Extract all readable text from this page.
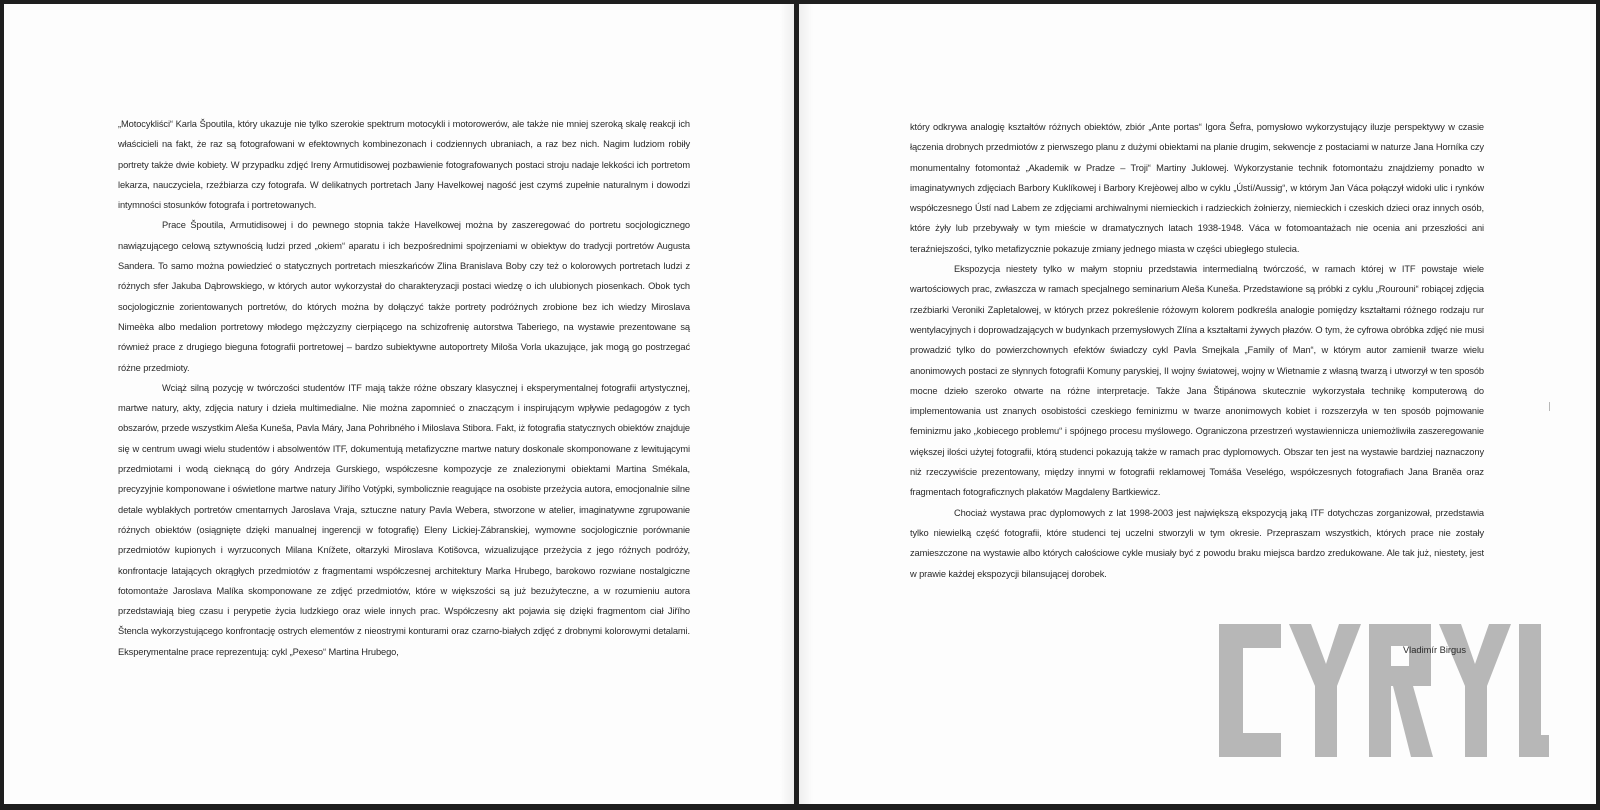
„Motocykliści“ Karla Špoutila, który ukazuje nie tylko szerokie spektrum motocykli i motorowerów, ale także nie mniej szeroką skalę reakcji ich właścicieli na fakt, że raz są fotografowani w efektownych kombinezonach i codziennych ubraniach, a raz bez nich. Nagim ludziom robiły portrety także dwie kobiety. W przypadku zdjęć Ireny Armutidisowej pozbawienie fotografowanych postaci stroju nadaje lekkości ich portretom lekarza, nauczyciela, rzeźbiarza czy fotografa. W delikatnych portretach Jany Havelkowej nagość jest czymś zupełnie naturalnym i dowodzi intymności stosunków fotografa i portretowanych.

Prace Špoutila, Armutidisowej i do pewnego stopnia także Havelkowej można by zaszeregować do portretu socjologicznego nawiązującego celową sztywnością ludzi przed „okiem“ aparatu i ich bezpośrednimi spojrzeniami w obiektyw do tradycji portretów Augusta Sandera. To samo można powiedzieć o statycznych portretach mieszkańców Zlina Branislava Boby czy też o kolorowych portretach ludzi z różnych sfer Jakuba Dąbrowskiego, w których autor wykorzystał do charakteryzacji postaci wiedzę o ich ulubionych piosenkach. Obok tych socjologicznie zorientowanych portretów, do których można by dołączyć także portrety podróżnych zrobione bez ich wiedzy Miroslava Nimeèka albo medalion portretowy młodego mężczyzny cierpiącego na schizofrenię autorstwa Taberiego, na wystawie prezentowane są również prace z drugiego bieguna fotografii portretowej – bardzo subiektywne autoportrety Miloša Vorla ukazujące, jak mogą go postrzegać różne przedmioty.

Wciąż silną pozycję w twórczości studentów ITF mają także różne obszary klasycznej i eksperymentalnej fotografii artystycznej, martwe natury, akty, zdjęcia natury i dzieła multimedialne. Nie można zapomnieć o znaczącym i inspirującym wpływie pedagogów z tych obszarów, przede wszystkim Aleša Kuneša, Pavla Máry, Jana Pohribného i Miloslava Stibora. Fakt, iż fotografia statycznych obiektów znajduje się w centrum uwagi wielu studentów i absolwentów ITF, dokumentują metafizyczne martwe natury doskonale skomponowane z lewitującymi przedmiotami i wodą cieknącą do góry Andrzeja Gurskiego, współczesne kompozycje ze znalezionymi obiektami Martina Smékala, precyzyjnie komponowane i oświetlone martwe natury Jiřího Votýpki, symbolicznie reagujące na osobiste przeżycia autora, emocjonalnie silne detale wyblakłych portretów cmentarnych Jaroslava Vraja, sztuczne natury Pavla Webera, stworzone w atelier, imaginatywne zgrupowanie różnych obiektów (osiągnięte dzięki manualnej ingerencji w fotografię) Eleny Lickiej-Zábranskiej, wymowne socjologicznie porównanie przedmiotów kupionych i wyrzuconych Milana Knížete, ołtarzyki Miroslava Kotišovca, wizualizujące przeżycia z jego różnych podróży, konfrontacje latających okrągłych przedmiotów z fragmentami współczesnej architektury Marka Hrubego, barokowo rozwiane nostalgiczne fotomontaże Jaroslava Malíka skomponowane ze zdjęć przedmiotów, które w większości są już bezużyteczne, a w rozumieniu autora przedstawiają bieg czasu i perypetie życia ludzkiego oraz wiele innych prac. Współczesny akt pojawia się dzięki fragmentom ciał Jiřího Štencla wykorzystującego konfrontację ostrych elementów z nieostrymi konturami oraz czarno-białych zdjęć z drobnymi kolorowymi detalami. Eksperymentalne prace reprezentują: cykl „Pexeso“ Martina Hrubego,

który odkrywa analogię kształtów różnych obiektów, zbiór „Ante portas“ Igora Šefra, pomysłowo wykorzystujący iluzje perspektywy w czasie łączenia drobnych przedmiotów z pierwszego planu z dużymi obiektami na planie drugim, sekwencje z postaciami w naturze Jana Horníka czy monumentalny fotomontaż „Akademik w Pradze – Troji“ Martiny Juklowej. Wykorzystanie technik fotomontażu znajdziemy ponadto w imaginatywnych zdjęciach Barbory Kuklíkowej i Barbory Krejèowej albo w cyklu „Ústí/Aussig“, w którym Jan Váca połączył widoki ulic i rynków współczesnego Ústí nad Labem ze zdjęciami archiwalnymi niemieckich i radzieckich żołnierzy, niemieckich i czeskich dzieci oraz innych osób, które żyły lub przebywały w tym mieście w dramatycznych latach 1938-1948. Váca w fotomoantażach nie ocenia ani przeszłości ani teraźniejszości, tylko metafizycznie pokazuje zmiany jednego miasta w części ubiegłego stulecia.

Ekspozycja niestety tylko w małym stopniu przedstawia intermedialną twórczość, w ramach której w ITF powstaje wiele wartościowych prac, zwłaszcza w ramach specjalnego seminarium Aleša Kuneša. Przedstawione są próbki z cyklu „Rourouni“ robiącej zdjęcia rzeźbiarki Veroniki Zapletalowej, w których przez pokreślenie różowym kolorem podkreśla analogie pomiędzy kształtami różnego rodzaju rur wentylacyjnych i doprowadzających w budynkach przemysłowych Zlína a kształtami żywych płazów. O tym, że cyfrowa obróbka zdjęć nie musi prowadzić tylko do powierzchownych efektów świadczy cykl Pavla Smejkala „Family of Man“, w którym autor zamienił twarze wielu anonimowych postaci ze słynnych fotografii Komuny paryskiej, II wojny światowej, wojny w Wietnamie z własną twarzą i utworzył w ten sposób mocne dzieło szeroko otwarte na różne interpretacje. Także Jana Štipánowa skutecznie wykorzystała technikę komputerową do implementowania ust znanych osobistości czeskiego feminizmu w twarze anonimowych kobiet i rozszerzyła w ten sposób pojmowanie feminizmu jako „kobiecego problemu“ i spójnego procesu myślowego. Ograniczona przestrzeń wystawiennicza uniemożliwiła zaszeregowanie większej ilości użytej fotografii, którą studenci pokazują także w ramach prac dyplomowych. Obszar ten jest na wystawie bardziej naznaczony niż rzeczywiście prezentowany, między innymi w fotografii reklamowej Tomáša Veselégo, współczesnych fotografiach Jana Braněa oraz fragmentach fotograficznych plakatów Magdaleny Bartkiewicz.

Chociaż wystawa prac dyplomowych z lat 1998-2003 jest największą ekspozycją jaką ITF dotychczas zorganizował, przedstawia tylko niewielką część fotografii, które studenci tej uczelni stworzyli w tym okresie. Przepraszam wszystkich, których prace nie zostały zamieszczone na wystawie albo których całościowe cykle musiały być z powodu braku miejsca bardzo zredukowane. Ale tak już, niestety, jest w prawie każdej ekspozycji bilansującej dorobek.

Vladimír Birgus
